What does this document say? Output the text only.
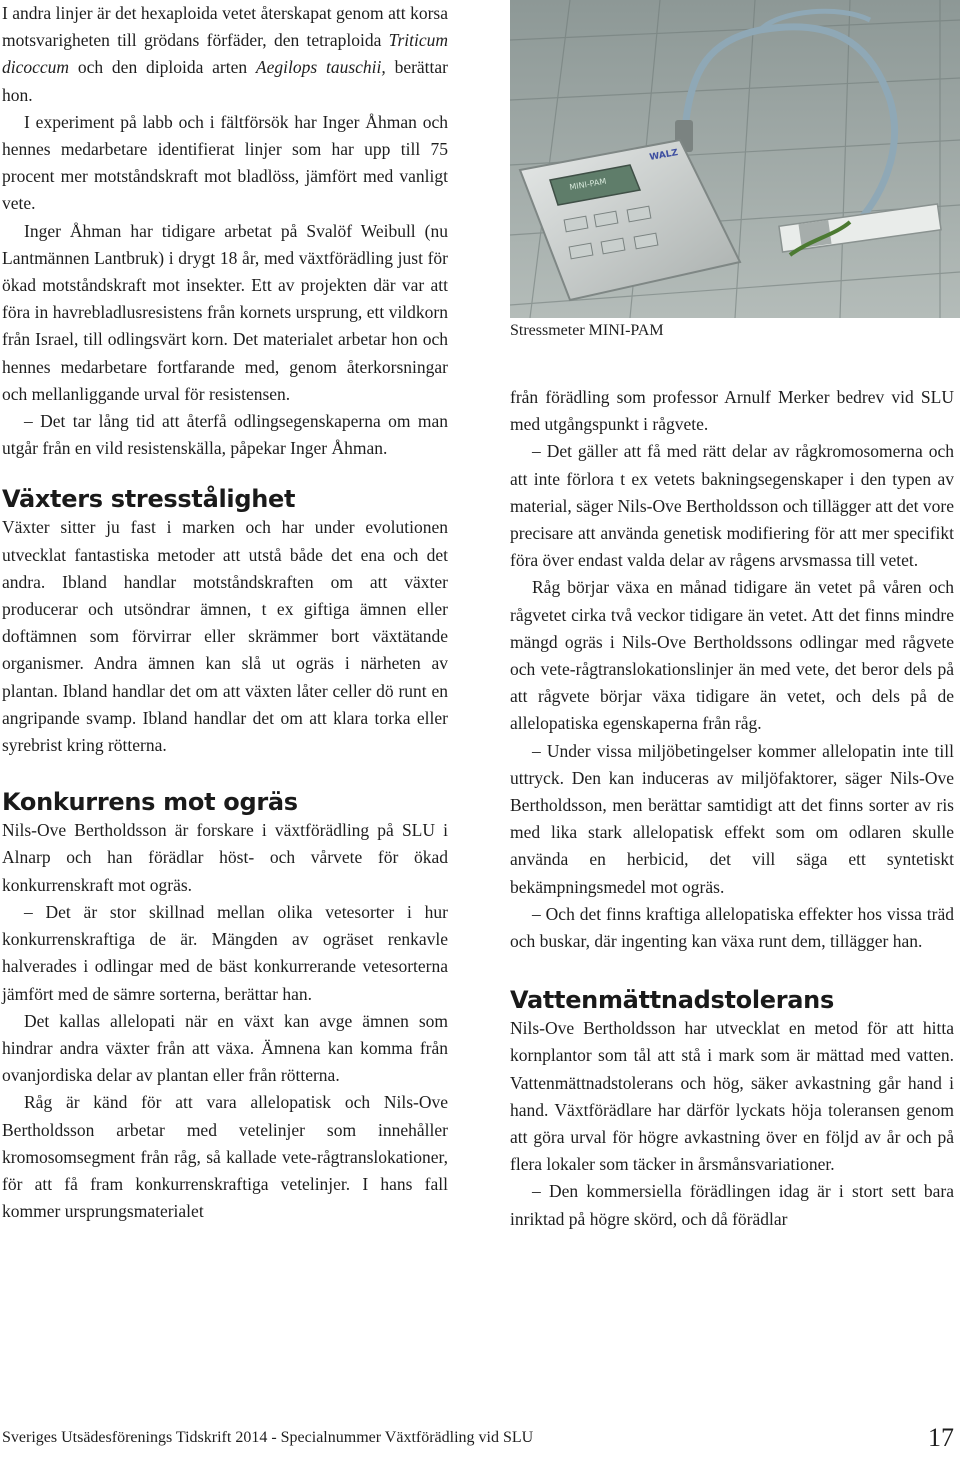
I andra linjer är det hexaploida vetet återskapat genom att korsa motsvarigheten till grödans förfäder, den tetraploida Triticum dicoccum och den diploida arten Aegilops tauschii, berättar hon.

I experiment på labb och i fältförsök har Inger Åhman och hennes medarbetare identifierat linjer som har upp till 75 procent mer motståndskraft mot bladlöss, jämfört med vanligt vete.

Inger Åhman har tidigare arbetat på Svalöf Weibull (nu Lantmännen Lantbruk) i drygt 18 år, med växtförädling just för ökad motståndskraft mot insekter. Ett av projekten där var att föra in havrebladlusresistens från kornets ursprung, ett vildkorn från Israel, till odlingsvärt korn. Det materialet arbetar hon och hennes medarbetare fortfarande med, genom återkorsningar och mellanliggande urval för resistensen.

– Det tar lång tid att återfå odlingsegenskaperna om man utgår från en vild resistenskälla, påpekar Inger Åhman.

Växters stresstålighet

Växter sitter ju fast i marken och har under evolutionen utvecklat fantastiska metoder att utstå både det ena och det andra. Ibland handlar motståndskraften om att växter producerar och utsöndrar ämnen, t ex giftiga ämnen eller doftämnen som förvirrar eller skrämmer bort växtätande organismer. Andra ämnen kan slå ut ogräs i närheten av plantan. Ibland handlar det om att växten låter celler dö runt en angripande svamp. Ibland handlar det om att klara torka eller syrebrist kring rötterna.

Konkurrens mot ogräs

Nils-Ove Bertholdsson är forskare i växtförädling på SLU i Alnarp och han förädlar höst- och vårvete för ökad konkurrenskraft mot ogräs.

– Det är stor skillnad mellan olika vetesorter i hur konkurrenskraftiga de är. Mängden av ogräset renkavle halverades i odlingar med de bäst konkurrerande vetesorterna jämfört med de sämre sorterna, berättar han.

Det kallas allelopati när en växt kan avge ämnen som hindrar andra växter från att växa. Ämnena kan komma från ovanjordiska delar av plantan eller från rötterna.

Råg är känd för att vara allelopatisk och Nils-Ove Bertholdsson arbetar med vetelinjer som innehåller kromosomsegment från råg, så kallade vete-rågtranslokationer, för att få fram konkurrenskraftiga vetelinjer. I hans fall kommer ursprungsmaterialet

MINI-PAM
WALZ
Stressmeter MINI-PAM

från förädling som professor Arnulf Merker bedrev vid SLU med utgångspunkt i rågvete.

– Det gäller att få med rätt delar av rågkromosomerna och att inte förlora t ex vetets bakningsegenskaper i den typen av material, säger Nils-Ove Bertholdsson och tillägger att det vore precisare att använda genetisk modifiering för att mer specifikt föra över endast valda delar av rågens arvsmassa till vetet.

Råg börjar växa en månad tidigare än vetet på våren och rågvetet cirka två veckor tidigare än vetet. Att det finns mindre mängd ogräs i Nils-Ove Bertholdssons odlingar med rågvete och vete-rågtranslokationslinjer än med vete, det beror dels på att rågvete börjar växa tidigare än vetet, och dels på de allelopatiska egenskaperna från råg.

– Under vissa miljöbetingelser kommer allelopatin inte till uttryck. Den kan induceras av miljöfaktorer, säger Nils-Ove Bertholdsson, men berättar samtidigt att det finns sorter av ris med lika stark allelopatisk effekt som om odlaren skulle använda en herbicid, det vill säga ett syntetiskt bekämpningsmedel mot ogräs.

– Och det finns kraftiga allelopatiska effekter hos vissa träd och buskar, där ingenting kan växa runt dem, tillägger han.

Vattenmättnadstolerans

Nils-Ove Bertholdsson har utvecklat en metod för att hitta kornplantor som tål att stå i mark som är mättad med vatten. Vattenmättnadstolerans och hög, säker avkastning går hand i hand. Växtförädlare har därför lyckats höja toleransen genom att göra urval för högre avkastning över en följd av år och på flera lokaler som täcker in årsmånsvariationer.

– Den kommersiella förädlingen idag är i stort sett bara inriktad på högre skörd, och då förädlar

Sveriges Utsädesförenings Tidskrift 2014 - Specialnummer Växtförädling vid SLU	17
